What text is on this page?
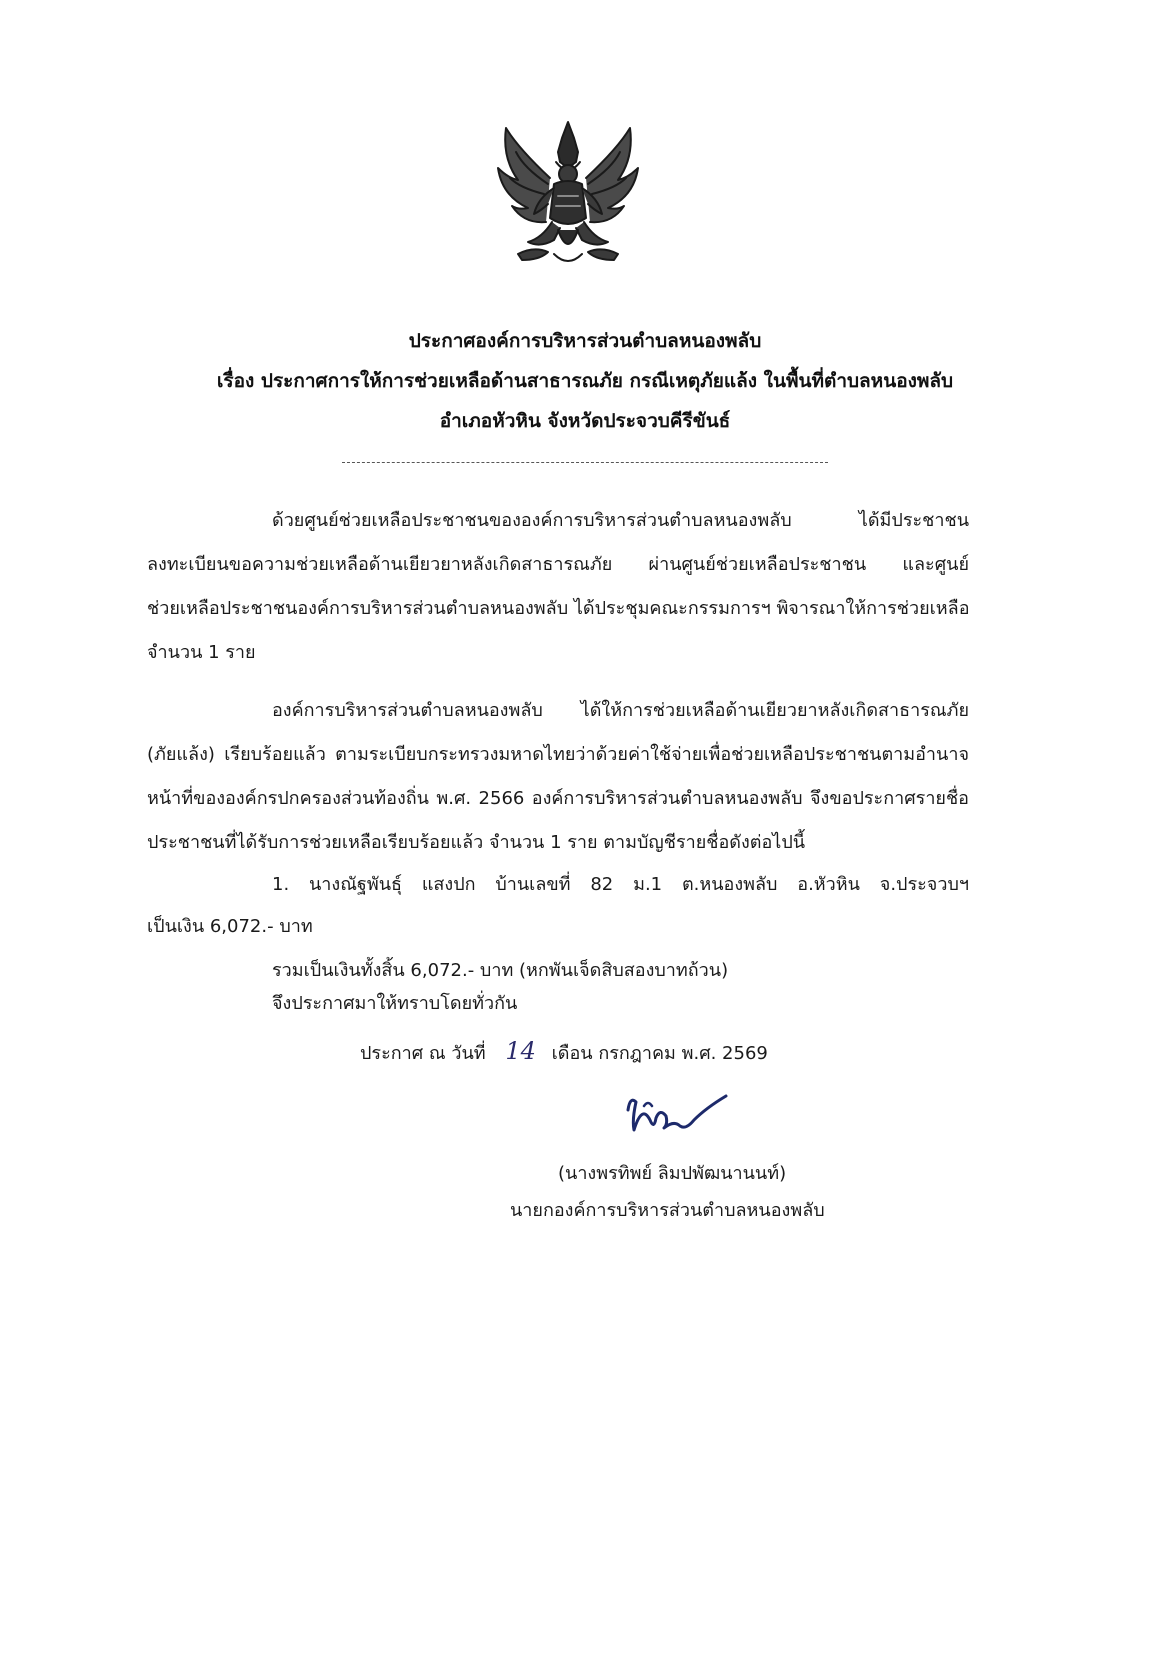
ประกาศองค์การบริหารส่วนตำบลหนองพลับ
เรื่อง ประกาศการให้การช่วยเหลือด้านสาธารณภัย กรณีเหตุภัยแล้ง ในพื้นที่ตำบลหนองพลับ
อำเภอหัวหิน จังหวัดประจวบคีรีขันธ์
ด้วยศูนย์ช่วยเหลือประชาชนขององค์การบริหารส่วนตำบลหนองพลับ ได้มีประชาชน
ลงทะเบียนขอความช่วยเหลือด้านเยียวยาหลังเกิดสาธารณภัย ผ่านศูนย์ช่วยเหลือประชาชน และศูนย์
ช่วยเหลือประชาชนองค์การบริหารส่วนตำบลหนองพลับ ได้ประชุมคณะกรรมการฯ พิจารณาให้การช่วยเหลือ
จำนวน 1 ราย
องค์การบริหารส่วนตำบลหนองพลับ ได้ให้การช่วยเหลือด้านเยียวยาหลังเกิดสาธารณภัย
(ภัยแล้ง) เรียบร้อยแล้ว ตามระเบียบกระทรวงมหาดไทยว่าด้วยค่าใช้จ่ายเพื่อช่วยเหลือประชาชนตามอำนาจ
หน้าที่ขององค์กรปกครองส่วนท้องถิ่น พ.ศ. 2566 องค์การบริหารส่วนตำบลหนองพลับ จึงขอประกาศรายชื่อ
ประชาชนที่ได้รับการช่วยเหลือเรียบร้อยแล้ว จำนวน 1 ราย ตามบัญชีรายชื่อดังต่อไปนี้
1. นางณัฐพันธุ์ แสงปก บ้านเลขที่ 82 ม.1 ต.หนองพลับ อ.หัวหิน จ.ประจวบฯ
เป็นเงิน 6,072.- บาท
รวมเป็นเงินทั้งสิ้น 6,072.- บาท (หกพันเจ็ดสิบสองบาทถ้วน)
จึงประกาศมาให้ทราบโดยทั่วกัน
ประกาศ ณ วันที่ 14 เดือน กรกฎาคม พ.ศ. 2569
(นางพรทิพย์ ลิมปพัฒนานนท์)
นายกองค์การบริหารส่วนตำบลหนองพลับ
